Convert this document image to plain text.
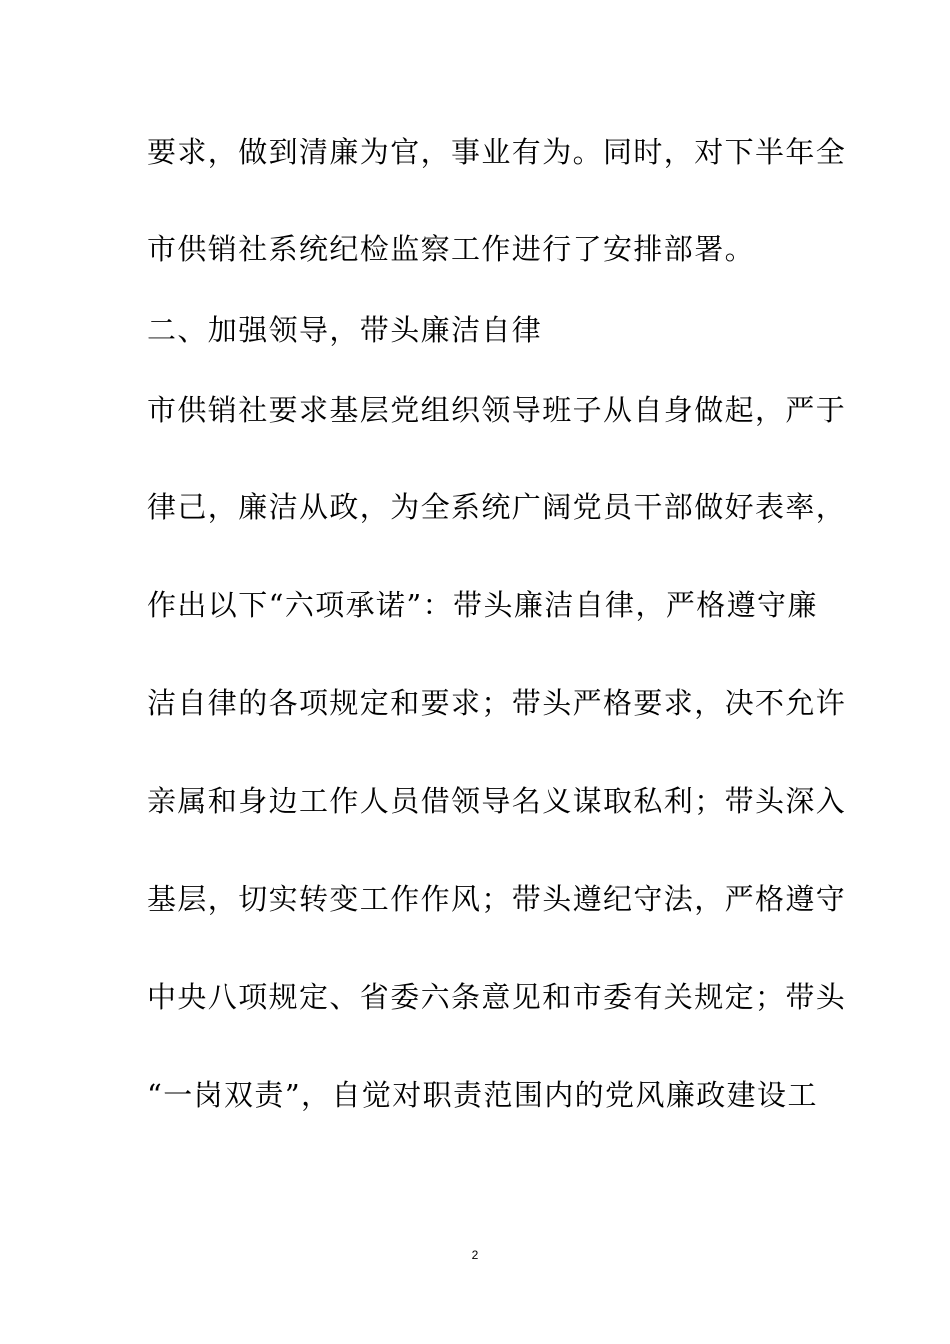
要求，做到清廉为官，事业有为。同时，对下半年全
市供销社系统纪检监察工作进行了安排部署。
二、加强领导，带头廉洁自律
市供销社要求基层党组织领导班子从自身做起，严于
律己，廉洁从政，为全系统广阔党员干部做好表率，
作出以下“六项承诺”：带头廉洁自律，严格遵守廉
洁自律的各项规定和要求；带头严格要求，决不允许
亲属和身边工作人员借领导名义谋取私利；带头深入
基层，切实转变工作作风；带头遵纪守法，严格遵守
中央八项规定、省委六条意见和市委有关规定；带头
“一岗双责”，自觉对职责范围内的党风廉政建设工
2
